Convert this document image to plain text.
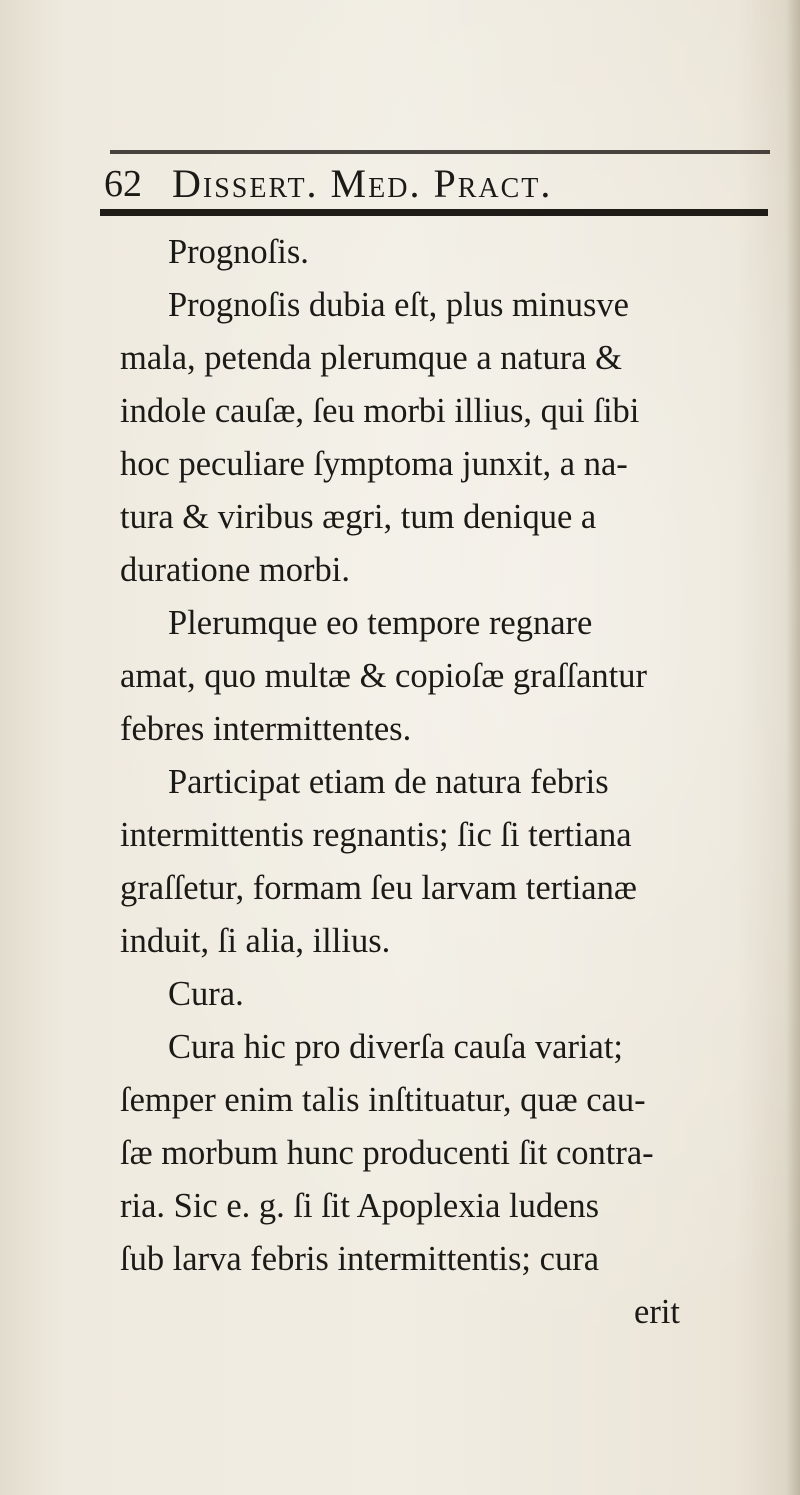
62 Dissert. Med. Pract.
Prognoſis.
Prognoſis dubia eſt, plus minusve
mala, petenda plerumque a natura &
indole cauſæ, ſeu morbi illius, qui ſibi
hoc peculiare ſymptoma junxit, a na-
tura & viribus ægri, tum denique a
duratione morbi.
Plerumque eo tempore regnare
amat, quo multæ & copioſæ graſſantur
febres intermittentes.
Participat etiam de natura febris
intermittentis regnantis; ſic ſi tertiana
graſſetur, formam ſeu larvam tertianæ
induit, ſi alia, illius.
Cura.
Cura hic pro diverſa cauſa variat;
ſemper enim talis inſtituatur, quæ cau-
ſæ morbum hunc producenti ſit contra-
ria. Sic e. g. ſi ſit Apoplexia ludens
ſub larva febris intermittentis; cura
erit
